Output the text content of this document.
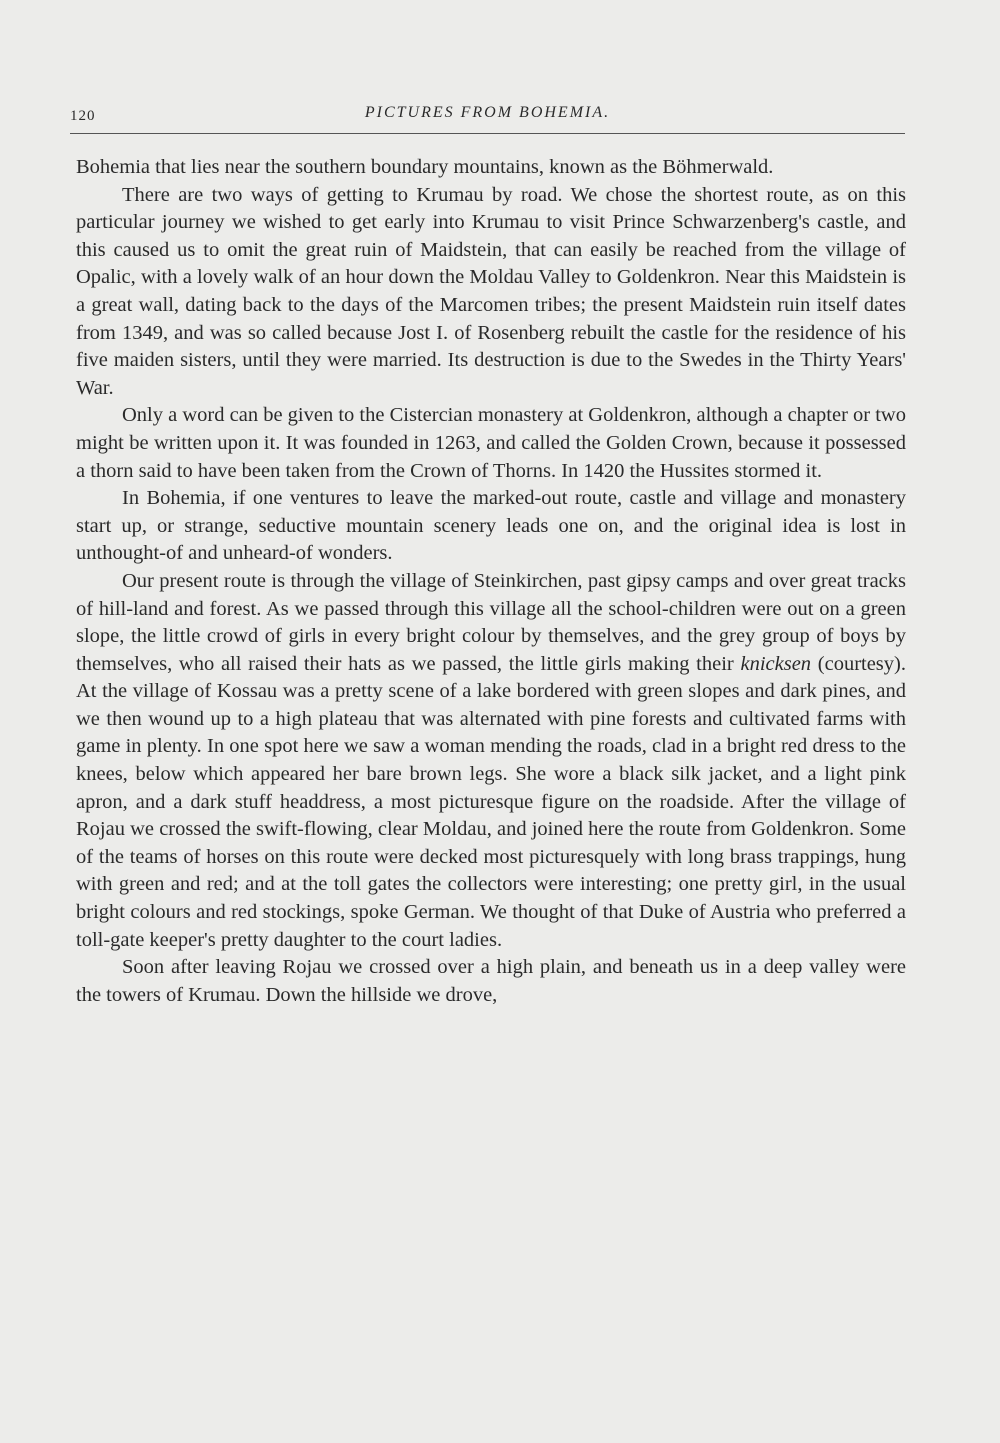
120	PICTURES FROM BOHEMIA.

Bohemia that lies near the southern boundary mountains, known as the Böhmerwald.

There are two ways of getting to Krumau by road. We chose the shortest route, as on this particular journey we wished to get early into Krumau to visit Prince Schwarzenberg's castle, and this caused us to omit the great ruin of Maidstein, that can easily be reached from the village of Opalic, with a lovely walk of an hour down the Moldau Valley to Goldenkron. Near this Maidstein is a great wall, dating back to the days of the Marcomen tribes; the present Maidstein ruin itself dates from 1349, and was so called because Jost I. of Rosenberg rebuilt the castle for the residence of his five maiden sisters, until they were married. Its destruction is due to the Swedes in the Thirty Years' War.

Only a word can be given to the Cistercian monastery at Goldenkron, although a chapter or two might be written upon it. It was founded in 1263, and called the Golden Crown, because it possessed a thorn said to have been taken from the Crown of Thorns. In 1420 the Hussites stormed it.

In Bohemia, if one ventures to leave the marked-out route, castle and village and monastery start up, or strange, seductive mountain scenery leads one on, and the original idea is lost in unthought-of and unheard-of wonders.

Our present route is through the village of Steinkirchen, past gipsy camps and over great tracks of hill-land and forest. As we passed through this village all the school-children were out on a green slope, the little crowd of girls in every bright colour by themselves, and the grey group of boys by themselves, who all raised their hats as we passed, the little girls making their knicksen (courtesy). At the village of Kossau was a pretty scene of a lake bordered with green slopes and dark pines, and we then wound up to a high plateau that was alternated with pine forests and cultivated farms with game in plenty. In one spot here we saw a woman mending the roads, clad in a bright red dress to the knees, below which appeared her bare brown legs. She wore a black silk jacket, and a light pink apron, and a dark stuff headdress, a most picturesque figure on the roadside. After the village of Rojau we crossed the swift-flowing, clear Moldau, and joined here the route from Goldenkron. Some of the teams of horses on this route were decked most picturesquely with long brass trappings, hung with green and red; and at the toll gates the collectors were interesting; one pretty girl, in the usual bright colours and red stockings, spoke German. We thought of that Duke of Austria who preferred a toll-gate keeper's pretty daughter to the court ladies.

Soon after leaving Rojau we crossed over a high plain, and beneath us in a deep valley were the towers of Krumau. Down the hillside we drove,
